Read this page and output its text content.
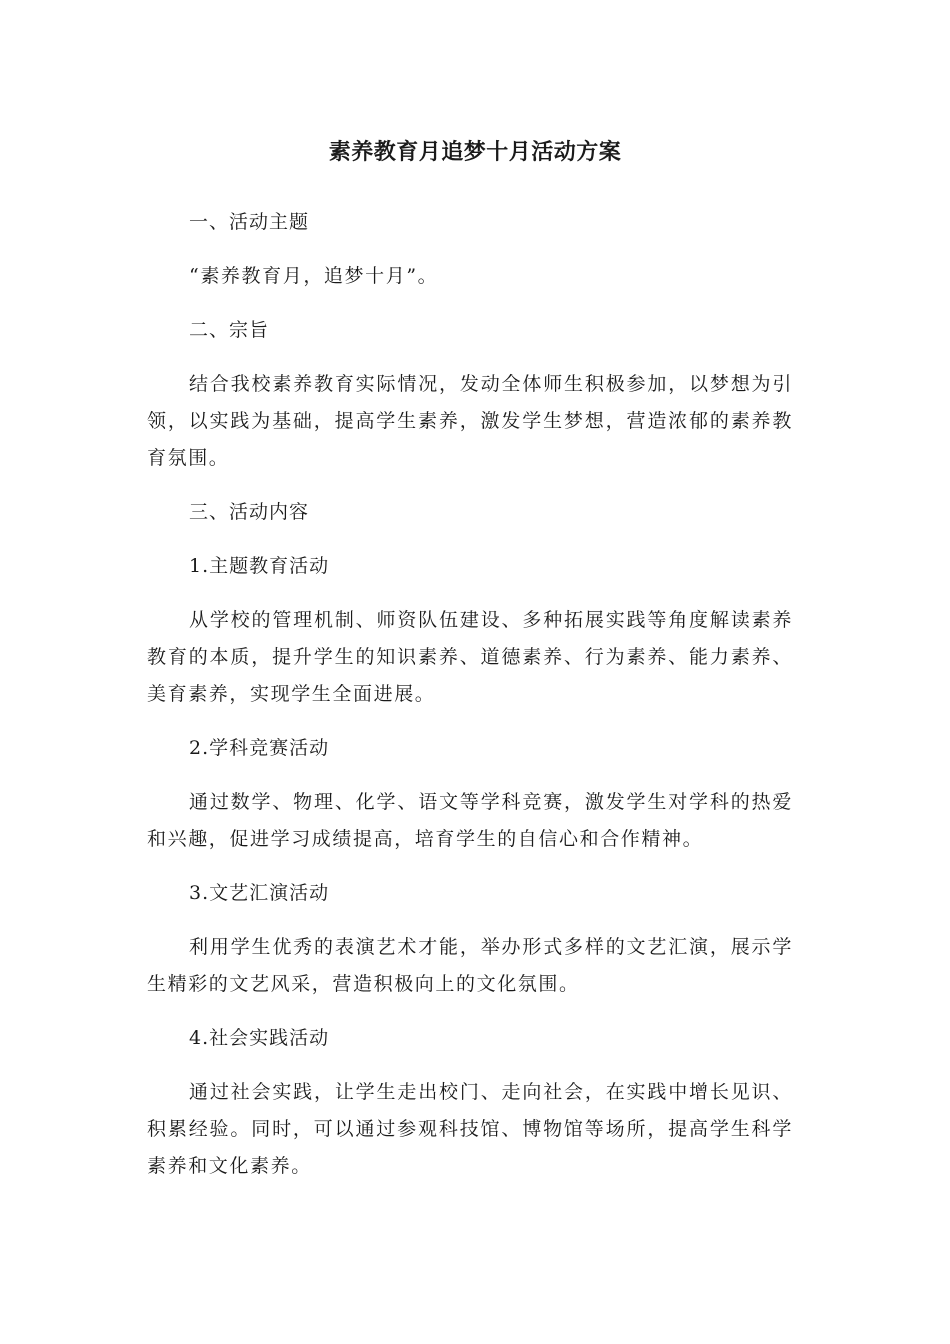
素养教育月追梦十月活动方案

一、活动主题

“素养教育月，追梦十月”。

二、宗旨

结合我校素养教育实际情况，发动全体师生积极参加，以梦想为引领，以实践为基础，提高学生素养，激发学生梦想，营造浓郁的素养教育氛围。

三、活动内容

1.主题教育活动

从学校的管理机制、师资队伍建设、多种拓展实践等角度解读素养教育的本质，提升学生的知识素养、道德素养、行为素养、能力素养、美育素养，实现学生全面进展。

2.学科竞赛活动

通过数学、物理、化学、语文等学科竞赛，激发学生对学科的热爱和兴趣，促进学习成绩提高，培育学生的自信心和合作精神。

3.文艺汇演活动

利用学生优秀的表演艺术才能，举办形式多样的文艺汇演，展示学生精彩的文艺风采，营造积极向上的文化氛围。

4.社会实践活动

通过社会实践，让学生走出校门、走向社会，在实践中增长见识、积累经验。同时，可以通过参观科技馆、博物馆等场所，提高学生科学素养和文化素养。
